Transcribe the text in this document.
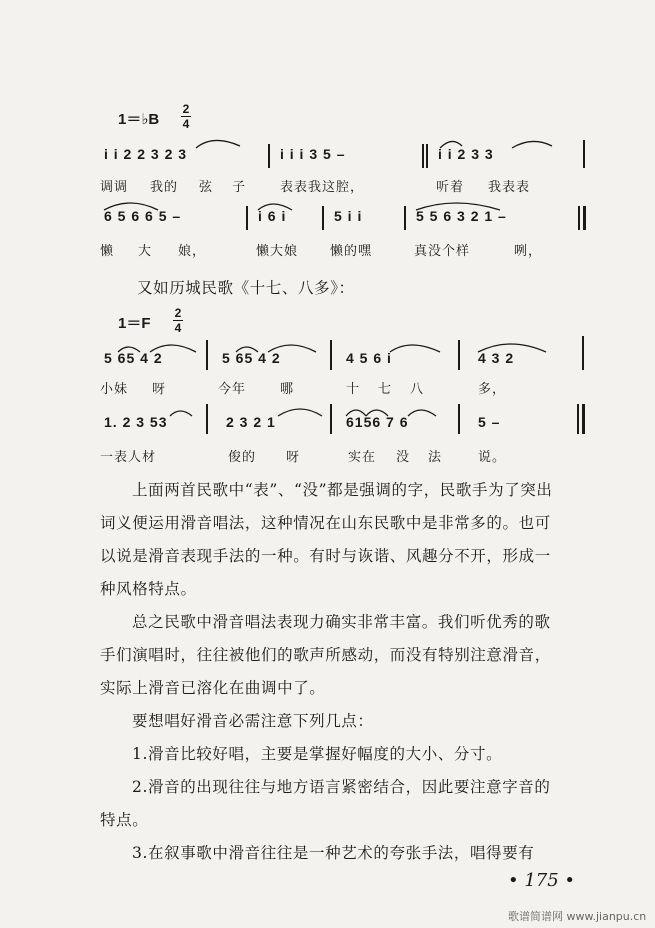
1＝♭B
2
4
i i 2 2 3 2 3	i i i 3 5 –	i i 2 3 3
调调 我的 弦 子	表表我这腔，	听着 我表表
6 5 6 6 5 –	i 6 i	5 i i	5 5 6 3 2 1 –
懒 大 娘，	懒大娘 懒的嘿	真没个样	咧，
又如历城民歌《十七、八多》：
1＝F
2
4
5 65 4 2	5 65 4 2	4 5 6 i	4 3 2
小妹 呀	今年	哪	十 七 八	多，
1. 2 3 53	2 3 2 1	6156 7 6	5 –
一表人材	俊的 呀	实在 没 法	说。
上面两首民歌中“表”、“没”都是强调的字，民歌手为了突出
词义便运用滑音唱法，这种情况在山东民歌中是非常多的。也可
以说是滑音表现手法的一种。有时与诙谐、风趣分不开，形成一
种风格特点。
总之民歌中滑音唱法表现力确实非常丰富。我们听优秀的歌
手们演唱时，往往被他们的歌声所感动，而没有特别注意滑音，
实际上滑音已溶化在曲调中了。
要想唱好滑音必需注意下列几点：
1.滑音比较好唱，主要是掌握好幅度的大小、分寸。
2.滑音的出现往往与地方语言紧密结合，因此要注意字音的
特点。
3.在叙事歌中滑音往往是一种艺术的夸张手法，唱得要有
• 175 •
歌谱简谱网 www.jianpu.cn
